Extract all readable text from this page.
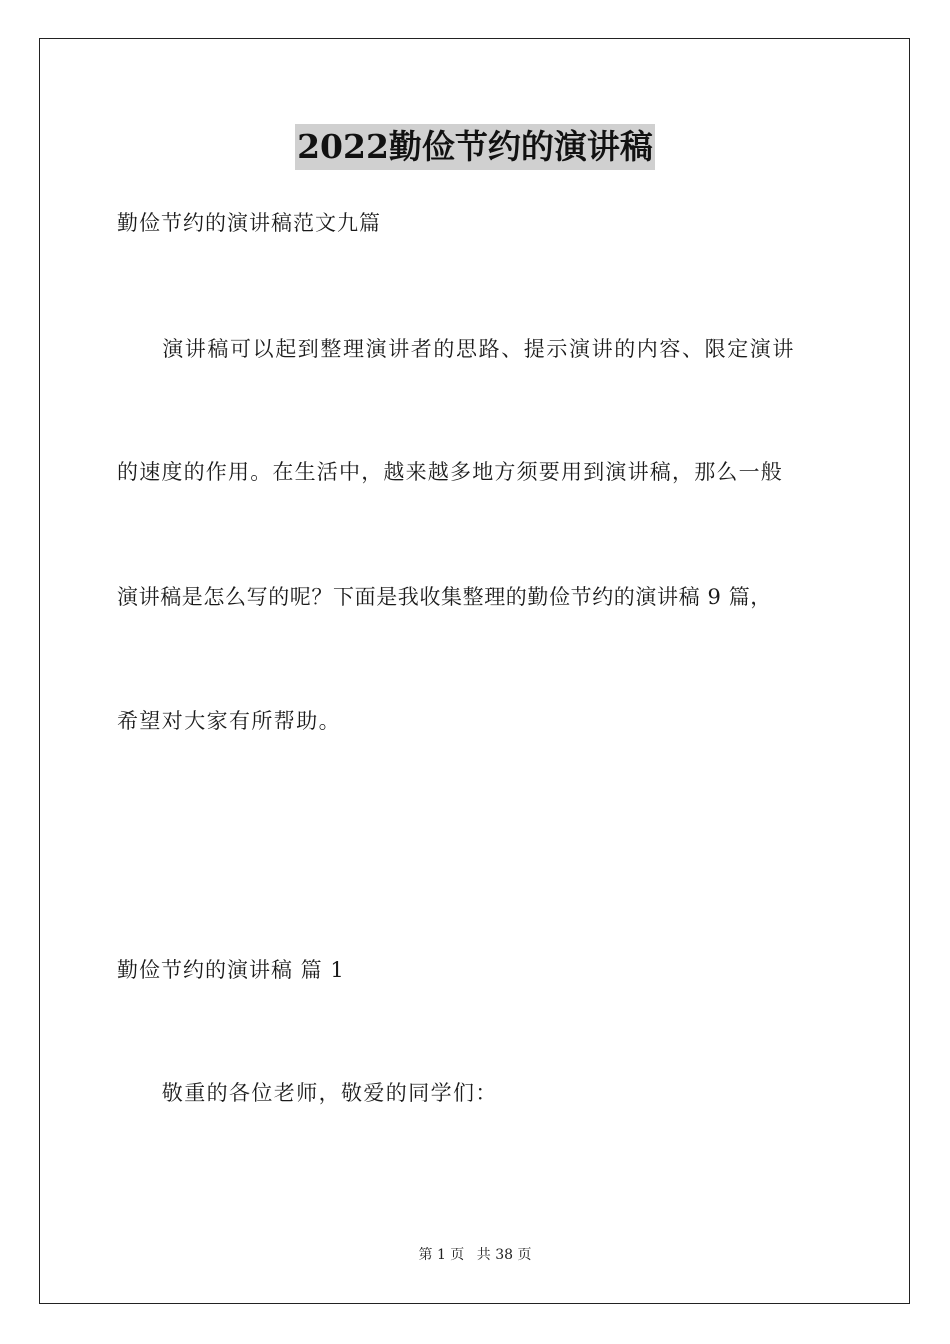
2022勤俭节约的演讲稿
勤俭节约的演讲稿范文九篇
　　演讲稿可以起到整理演讲者的思路、提示演讲的内容、限定演讲
的速度的作用。在生活中，越来越多地方须要用到演讲稿，那么一般
演讲稿是怎么写的呢？下面是我收集整理的勤俭节约的演讲稿 9 篇，
希望对大家有所帮助。
勤俭节约的演讲稿 篇 1
　　敬重的各位老师，敬爱的同学们：
第 1 页 共 38 页
